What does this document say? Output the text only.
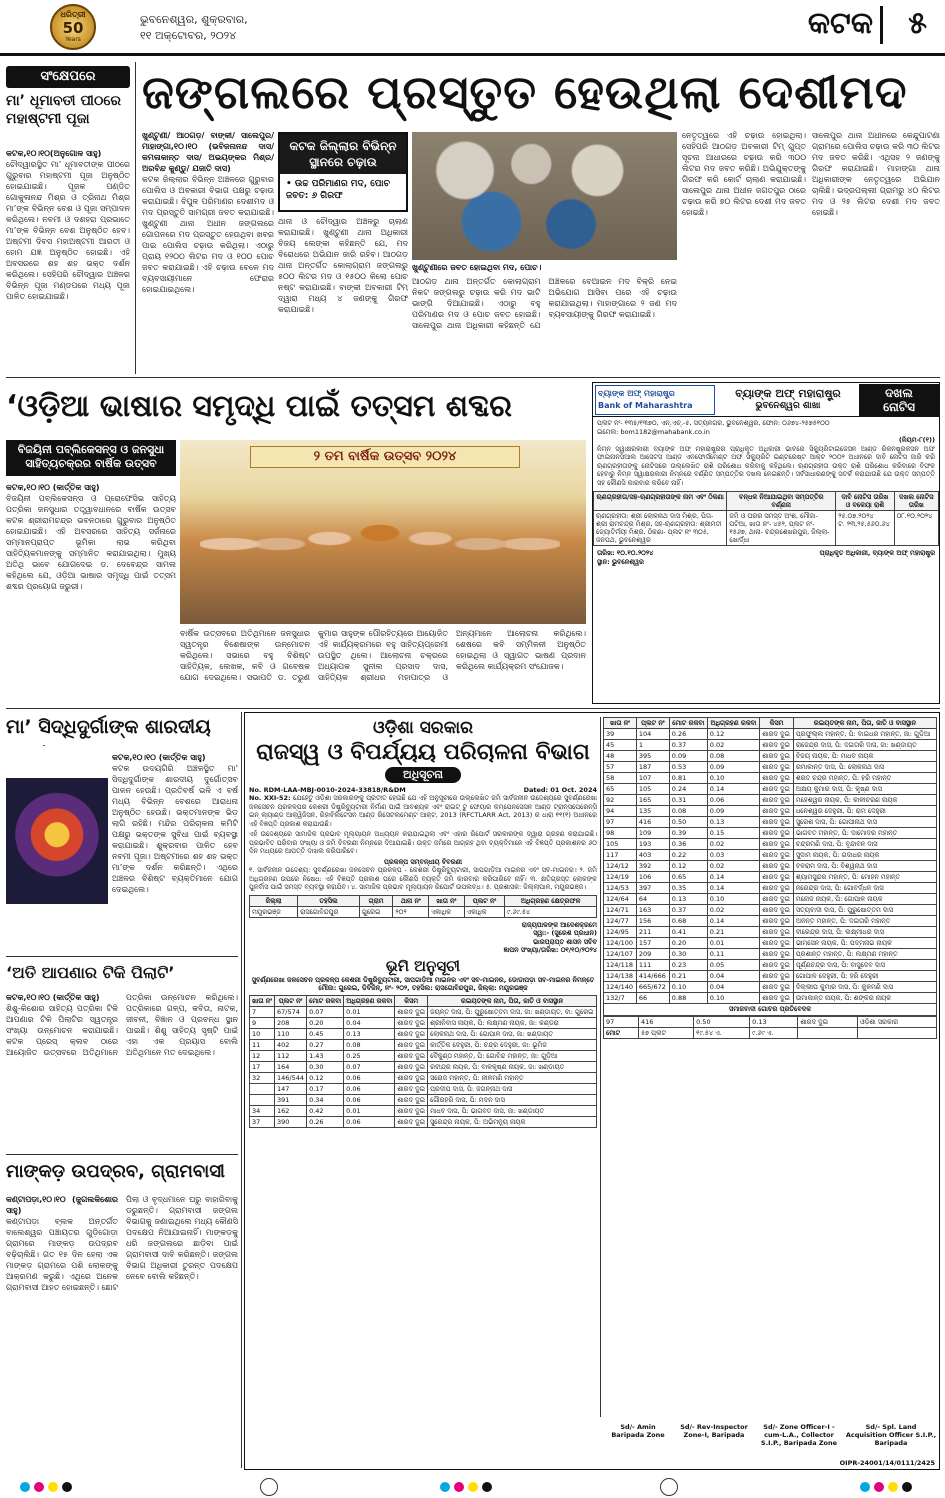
ଧରିତ୍ରୀ
50
Years
ଭୁବନେଶ୍ୱର, ଶୁକ୍ରବାର,
୧୧ ଅକ୍ଟୋବର, ୨୦୨୪	କଟକ ୫
ସଂକ୍ଷେପରେ
ମା’ ଧୂମାବତୀ ପୀଠରେ ମହାଷ୍ଟମୀ ପୂଜା
କଟକ,୧୦।୧୦(ଅନୁଗୋଳ ସାହୁ)
ଚୌଦ୍ୱାରସ୍ଥିତ ମା’ ଧୂମାବତୀଙ୍କ ପୀଠରେ ଗୁରୁବାର ମହାଷ୍ଟମୀ ପୂଜା ଅନୁଷ୍ଠିତ ହୋଇଯାଇଛି। ପୂଜକ ପଣ୍ଡିତ ଗୋକୁଳାନନ୍ଦ ମିଶ୍ର ଓ ତ୍ରିନାଥ ମିଶ୍ର ମା’ଙ୍କ ବିଭିନ୍ନ ବେଶ ଓ ପୂଜା ସମ୍ପାଦନ କରିଥିଲେ। ନବମୀ ଓ ଦଶହରା ପ୍ରଭାତେ ମା’ଙ୍କ ବିଭିନ୍ନ ବେଶ ଅନୁଷ୍ଠିତ ହେବ। ଅଷ୍ଟମୀ ଦିବସ ମହାଅଷ୍ଟମୀ ଆରତୀ ଓ ହୋମ ଯଜ୍ଞ ଅନୁଷ୍ଠିତ ହୋଇଛି। ଏହି ଅବସରରେ ଶହ ଶହ ଭକ୍ତ ଦର୍ଶନ କରିଥିଲେ। ସେହିପରି ଚୌଦ୍ୱାର ଅଞ୍ଚଳର ବିଭିନ୍ନ ପୂଜା ମଣ୍ଡପରେ ମଧ୍ୟ ପୂଜା ପାଳିତ ହୋଇଯାଇଛି।
ଜଙ୍ଗଲରେ ପ୍ରସ୍ତୁତ ହେଉଥିଲା ଦେଶୀମଦ
ଖୁଣ୍ଟୁଣୀ/ ଆଠଗଡ଼/ ବାଙ୍କୀ/ ସାଲେପୁର/ମାହାଙ୍ଗା,୧୦।୧୦ (ଭବିଜନାନନ୍ଦ ଦାସ/ କମଳାକାନ୍ତ ଦାସ/ ଅଭୟଙ୍କର ମିଶ୍ର/ ଅରବିନ୍ଦ କୁଣ୍ଡୁ/ ଯଜାତି ଦାସ)
କଟକ ଜିଲ୍ଲାର ବିଭିନ୍ନ ଅଞ୍ଚଳରେ ଗୁରୁବାର ପୋଲିସ ଓ ଅବକାରୀ ବିଭାଗ ପକ୍ଷରୁ ଚଢ଼ାଉ କରାଯାଇଛି। ବିପୁଳ ପରିମାଣର ଦେଶୀମଦ ଓ ମଦ ପ୍ରସ୍ତୁତି ସାମଗ୍ରୀ ଜବତ କରାଯାଇଛି। ଖୁଣ୍ଟୁଣୀ ଥାନା ଅଧୀନ ଜଙ୍ଗଲରେ ଗୋପନରେ ମଦ ପ୍ରସ୍ତୁତ ହେଉଥିବା ଖବର ପାଇ ପୋଲିସ ଚଢ଼ାଉ କରିଥିଲା। ଏଠାରୁ ପ୍ରାୟ ୧୨୦୦ ଲିଟର ମଦ ଓ ୧୦୦ ପୋଚ ଜବତ କରାଯାଇଛି। ଏହି ଚଢ଼ାଉ ବେଳେ ମଦ ବ୍ୟବସାୟୀମାନେ ଫେରାର ହୋଇଯାଇଥିଲେ।
କଟକ ଜିଲ୍ଲାର ବିଭିନ୍ନ ସ୍ଥାନରେ ଚଢ଼ାଉ
• ଉଚ୍ଚ ପରିମାଣର ମଦ, ପୋଚ ଜବତ: ୬ ଗିରଫ
ଥାନା ଓ ଚୌଦ୍ୱାର ଅଞ୍ଚଳରୁ ଚାଲାଣ କରାଯାଇଛି। ଖୁଣ୍ଟୁଣୀ ଥାନା ଅଧିକାରୀ ବିଜୟ ଲେଙ୍କା କହିଛନ୍ତି ଯେ, ମଦ ବିରୋଧରେ ଅଭିଯାନ ଜାରି ରହିବ। ଆଠଗଡ଼ ଥାନା ଅନ୍ତର୍ଗତ କୋଲାଗ୍ରାମ ଜଙ୍ଗଲରୁ ୫୦୦ ଲିଟର ମଦ ଓ ୧୫୦୦ କିଲୋ ପୋଚ ନଷ୍ଟ କରାଯାଇଛି। ବାଙ୍କୀ ଅବକାରୀ ଟିମ୍ ଦ୍ୱାରା ମଧ୍ୟ ୪ ଜଣଙ୍କୁ ଗିରଫ କରାଯାଇଛି।
ଖୁଣ୍ଟୁଣୀରେ ଜବତ ହୋଇଥିବା ମଦ, ପୋଚ।
ଆଠଗଡ଼ ଥାନା ଅନ୍ତର୍ଗତ କୋଲାଗ୍ରାମ ନିକଟ ଜଙ୍ଗଲରୁ ଚଢ଼ାଉ କରି ମଦ ଭାଟି ଭାଙ୍ଗି ଦିଆଯାଇଛି। ଏଠାରୁ ବହୁ ପରିମାଣର ମଦ ଓ ପୋଚ ଜବତ ହୋଇଛି। ସାଲେପୁର ଥାନା ଅଧିକାରୀ କହିଛନ୍ତି ଯେ ଅଞ୍ଚଳରେ ବେଆଇନ ମଦ ବିକ୍ରି ନେଇ ଅଭିଯୋଗ ଆସିବା ପରେ ଏହି ଚଢ଼ାଉ କରାଯାଇଥିଲା। ମାହାଙ୍ଗାରେ ୨ ଜଣ ମଦ ବ୍ୟବସାୟୀଙ୍କୁ ଗିରଫ କରାଯାଇଛି।
ନେତୃତ୍ୱରେ ଏହି ଚଢ଼ାଉ ହୋଇଥିଲା। ସେହିପରି ଆଠଗଡ଼ ଅବକାରୀ ଟିମ୍ ଗୁପ୍ତ ସୂଚନା ଆଧାରରେ ଚଢ଼ାଉ କରି ୩୦୦ ଲିଟର ମଦ ଜବତ କରିଛି। ଅଭିଯୁକ୍ତଙ୍କୁ ଗିରଫ କରି କୋର୍ଟ ଚାଲାଣ କରାଯାଇଛି। ସାଲେପୁର ଥାନା ଅଧୀନ ଜଗତପୁର ଠାରେ ଚଢ଼ାଉ କରି ୭୦ ଲିଟର ଦେଶୀ ମଦ ଜବତ ହୋଇଛି।
ସାଲେପୁର ଥାନା ଅଧୀନରେ କେନ୍ଦୁପାଟଣା ଗ୍ରାମରେ ପୋଲିସ ଚଢ଼ାଉ କରି ୩୦ ଲିଟର ମଦ ଜବତ କରିଛି। ଏଥିସହ ୨ ଜଣଙ୍କୁ ଗିରଫ କରାଯାଇଛି। ମାହାଙ୍ଗା ଥାନା ଅଧିକାରୀଙ୍କ ନେତୃତ୍ୱରେ ଅଭିଯାନ ଚାଲିଛି। ଭଦ୍ରପଲ୍ଲୀ ଗ୍ରାମରୁ ୪୦ ଲିଟର ମଦ ଓ ୨୫ ଲିଟର ଦେଶୀ ମଦ ଜବତ ହୋଇଛି।
‘ଓଡ଼ିଆ ଭାଷାର ସମୃଦ୍ଧି ପାଇଁ ତତ୍ସମ ଶବ୍ଦର
ବିଜୟିନୀ ପବ୍ଲିକେସନ୍ସ ଓ ଜନସୁଧା ସାହିତ୍ୟଚକ୍ରର ବାର୍ଷିକ ଉତ୍ସବ
କଟକ,୧୦।୧୦ (କାର୍ତ୍ତିକ ସାହୁ)
ବିଜୟିନୀ ପବ୍ଲିକେସନ୍ସ ଓ ପ୍ରୋଫେସିଭ ସାହିତ୍ୟ ପତ୍ରିକା ଜନସୁଧାର ତତ୍ତ୍ୱାବଧାନରେ ବାର୍ଷିକ ଉତ୍ସବ କଟକ ଶ୍ରୀରାମଚନ୍ଦ୍ର ଭବନଠାରେ ଗୁରୁବାର ଅନୁଷ୍ଠିତ ହୋଇଯାଇଛି। ଏହି ଅବସରରେ ସାହିତ୍ୟ ସର୍ଜନାରେ ସମ୍ମାନପ୍ରାପ୍ତ ଭୂମିକା ଲାଭ କରିଥିବା ସାହିତ୍ୟିକମାନଙ୍କୁ ସମ୍ମାନିତ କରାଯାଇଥିଲା। ମୁଖ୍ୟ ଅତିଥି ଭାବେ ଯୋଗଦେଇ ଡ. ଦେବେନ୍ଦ୍ର ସାମଲ କହିଥିଲେ ଯେ, ଓଡ଼ିଆ ଭାଷାର ସମୃଦ୍ଧି ପାଇଁ ତତ୍ସମ ଶବ୍ଦର ପ୍ରୟୋଗ ଜରୁରୀ।
୨ ତମ ବାର୍ଷିକ ଉତ୍ସବ ୨୦୨୪
ବାର୍ଷିକ ଉତ୍ସବରେ ଅତିଥିମାନେ ଜନସୁଧାର ସ୍ୱତନ୍ତ୍ର ବିଶେଷାଙ୍କ ଉନ୍ମୋଚନ କରିଥିଲେ। ସଭାରେ ବହୁ ବିଶିଷ୍ଟ ସାହିତ୍ୟିକ, ଲେଖକ, କବି ଓ ଗବେଷକ ଯୋଗ ଦେଇଥିଲେ। ସଭାପତି ଡ. ତରୁଣ କୁମାର ସାହୁଙ୍କ ପୌରହିତ୍ୟରେ ଆୟୋଜିତ ଏହି କାର୍ଯ୍ୟକ୍ରମରେ ବହୁ ସାହିତ୍ୟପ୍ରେମୀ ଉପସ୍ଥିତ ଥିଲେ। ଆଲୋଚନା ଚକ୍ରରେ ଅଧ୍ୟାପକ ସୁନୀଲ ପ୍ରସାଦ ଦାସ, ସାହିତ୍ୟିକ ଶ୍ରୀଧର ମହାପାତ୍ର ଓ ଅନ୍ୟମାନେ ଆଲୋଚନା କରିଥିଲେ। ଶେଷରେ କବି ସମ୍ମିଳନୀ ଅନୁଷ୍ଠିତ ହୋଇଥିଲା ଓ ସ୍ୱାଗତ ଭାଷଣ ପ୍ରଦାନ କରିଥିଲେ କାର୍ଯ୍ୟକ୍ରମ ସଂଯୋଜକ।
ବ୍ୟାଙ୍କ ଅଫ୍ ମହାରାଷ୍ଟ୍ର
Bank of Maharashtra
ବ୍ୟାଙ୍କ ଅଫ୍ ମହାରାଷ୍ଟ୍ର
ଭୁବନେଶ୍ୱର ଶାଖା
ଦଖଲ
ନୋଟିସ
ପ୍ଲଟ ନଂ- ୧୩୫/୧୩୭୦, ଏନ୍.ଏଚ୍.-୫, ସତ୍ୟନଗର, ଭୁବନେଶ୍ୱର, ଫୋନ: ୦୬୭୪-୨୫୭୫୧୦୦
ଇମେଲ: bom1182@mahabank.co.in
(ନିୟମ-୮(୧))
ନିମ୍ନ ସ୍ୱାକ୍ଷରକାରୀ ବ୍ୟାଙ୍କ ଅଫ୍ ମହାରାଷ୍ଟ୍ରର ପ୍ରାଧିକୃତ ଅଧିକାରୀ ଭାବରେ ସିକ୍ୟୁରିଟାଇଜେସନ ଆଣ୍ଡ ରିକନଷ୍ଟ୍ରକସନ ଅଫ ଫାଇନାନସିଆଲ ଆସେଟସ ଆଣ୍ଡ ଏନଫୋର୍ସମେଣ୍ଟ ଅଫ ସିକ୍ୟୁରିଟି ଇଣ୍ଟରେଷ୍ଟ ଆକ୍ଟ ୨୦୦୨ ଅଧୀନରେ ଦାବି ନୋଟିସ ଜାରି କରି ଋଣଗ୍ରହୀତାଙ୍କୁ ନୋଟିସରେ ଉଲ୍ଲେଖିତ ରାଶି ପରିଶୋଧ କରିବାକୁ କହିଥିଲେ। ଋଣଗ୍ରହୀତା ଉକ୍ତ ରାଶି ପରିଶୋଧ କରିବାରେ ବିଫଳ ହେବାରୁ ନିମ୍ନ ସ୍ୱାକ୍ଷରକାରୀ ନିମ୍ନରେ ବର୍ଣ୍ଣିତ ସମ୍ପତ୍ତିର ଦଖଲ ନେଇଛନ୍ତି। ସର୍ବସାଧାରଣଙ୍କୁ ସତର୍କ କରାଯାଉଛି ଯେ ଉକ୍ତ ସମ୍ପତ୍ତି ସହ କୌଣସି କାରବାର କରିବେ ନାହିଁ।
ଋଣଗ୍ରହୀତା/ସହ-ଋଣଗ୍ରହୀତାଙ୍କ ନାମ ଏବଂ ଠିକଣା	ବନ୍ଧକ ନିଆଯାଇଥିବା ସମ୍ପତ୍ତିର ବର୍ଣ୍ଣନା	ଦାବି ନୋଟିସ ତାରିଖ ଓ ବକେୟା ରାଶି	ଦଖଲ ନୋଟିସ ତାରିଖ
ଋଣଗ୍ରହୀତା: ଶ୍ରୀ ଲୋକନାଥ ଦାସ ମିଶ୍ର, ପିତା- ଶ୍ରୀ ରାମଚନ୍ଦ୍ର ମିଶ୍ର, ସହ-ଋଣଗ୍ରହୀତା: ଶ୍ରୀମତୀ ଜ୍ୟୋତିର୍ମୟୀ ମିଶ୍ର, ଠିକଣା- ପ୍ଲଟ ନଂ ୩୦୫, ଜନପଥ, ଭୁବନେଶ୍ୱର	ଜମି ଓ ଘରର ସମସ୍ତ ଅଂଶ, ମୌଜା- ପଟିଆ, ଖାତା ନଂ- ୪୫୨, ପ୍ଲଟ ନଂ- ୧୫୬୭, ଥାନା- ଚନ୍ଦ୍ରଶେଖରପୁର, ଜିଲ୍ଲା- ଖୋର୍ଦ୍ଧା	୨୫.୦୭.୨୦୨୪
ଟ. ୨୩,୨୫,୫୬୦.୬୪	୦୮.୧୦.୨୦୨୪
ତାରିଖ: ୧୦.୧୦.୨୦୨୪
ସ୍ଥାନ: ଭୁବନେଶ୍ୱର
ପ୍ରାଧିକୃତ ଅଧିକାରୀ, ବ୍ୟାଙ୍କ ଅଫ୍ ମହାରାଷ୍ଟ୍ର
ମା’ ସିଦ୍ଧିଦୁର୍ଗାଙ୍କ ଶାରଦୀୟ
କଟକ,୧୦।୧୦ (କାର୍ତ୍ତିକ ସାହୁ)
କଟକ ଉଦୟଗିରି ଅଞ୍ଚଳସ୍ଥିତ ମା’ ସିଦ୍ଧିଦୁର୍ଗାଙ୍କ ଶାରଦୀୟ ଦୁର୍ଗୋତ୍ସବ ପାଳନ ହେଉଛି। ପ୍ରତିବର୍ଷ ଭଳି ଏ ବର୍ଷ ମଧ୍ୟ ବିଭିନ୍ନ ବେଶରେ ଆରାଧନା ଅନୁଷ୍ଠିତ ହେଉଛି। ଭକ୍ତମାନଙ୍କ ଭିଡ଼ ଲାଗି ରହିଛି। ମନ୍ଦିର ପରିଚାଳନା କମିଟି ପକ୍ଷରୁ ଭକ୍ତଙ୍କ ସୁବିଧା ପାଇଁ ବ୍ୟବସ୍ଥା କରାଯାଇଛି। ଶୁକ୍ରବାର ପାଳିତ ହେବ ନବମୀ ପୂଜା। ଅଷ୍ଟମୀରେ ଶହ ଶହ ଭକ୍ତ ମା’ଙ୍କ ଦର୍ଶନ କରିଛନ୍ତି। ଏଥିରେ ଅଞ୍ଚଳର ବିଶିଷ୍ଟ ବ୍ୟକ୍ତିମାନେ ଯୋଗ ଦେଇଥିଲେ।
‘ଅତି ଆପଣାର ଟିକି ପିଲାଟି’
କଟକ,୧୦।୧୦ (କାର୍ତ୍ତିକ ସାହୁ)
ଶିଶୁ-କିଶୋର ସାହିତ୍ୟ ପତ୍ରିକା ଟିକି ଆପଣାର ଟିକି ପିଲାଟିର ସ୍ୱତନ୍ତ୍ର ସଂଖ୍ୟା ଉନ୍ମୋଚନ କରାଯାଇଛି। କଟକ ପ୍ରେସ୍ କ୍ଲବ ଠାରେ ଆୟୋଜିତ ଉତ୍ସବରେ ଅତିଥିମାନେ ପତ୍ରିକା ଉନ୍ମୋଚନ କରିଥିଲେ। ପତ୍ରିକାରେ ଗଳ୍ପ, କବିତା, ନାଟକ, ଜୀବନୀ, ବିଜ୍ଞାନ ଓ ପ୍ରବନ୍ଧ ସ୍ଥାନ ପାଇଛି। ଶିଶୁ ସାହିତ୍ୟ ସୃଷ୍ଟି ପାଇଁ ଏହା ଏକ ପ୍ରୟାସ ବୋଲି ଅତିଥିମାନେ ମତ ଦେଇଥିଲେ।
ମାଙ୍କଡ଼ ଉପଦ୍ରବ, ଗ୍ରାମବାସୀ
କଣ୍ଟାପଡ଼ା,୧୦।୧୦ (ଜୁଗଲକିଶୋର ସାହୁ)
କଣ୍ଟାପଡ଼ା ବ୍ଲକ ଅନ୍ତର୍ଗତ ବାଲେଶ୍ୱର ପଞ୍ଚାୟତର ଗୁଡ଼ିଗୋଡ଼ା ଗ୍ରାମରେ ମାଙ୍କଡ଼ ଉପଦ୍ରବ ବଢ଼ିଚାଲିଛି। ଗତ ୧୫ ଦିନ ହେଲା ଏକ ମାଙ୍କଡ଼ ଗ୍ରାମରେ ପଶି ଲୋକଙ୍କୁ ଆକ୍ରମଣ କରୁଛି। ଏଥିରେ ଅନେକ ଗ୍ରାମବାସୀ ଆହତ ହୋଇଛନ୍ତି। ଛୋଟ ପିଲା ଓ ବୃଦ୍ଧମାନେ ଘରୁ ବାହାରିବାକୁ ଡରୁଛନ୍ତି। ଗ୍ରାମବାସୀ ଜଙ୍ଗଲ ବିଭାଗକୁ ଜଣାଇଥିଲେ ମଧ୍ୟ କୌଣସି ପଦକ୍ଷେପ ନିଆଯାଇନାହିଁ। ମାଙ୍କଡ଼କୁ ଧରି ଜଙ୍ଗଲରେ ଛାଡ଼ିବା ପାଇଁ ଗ୍ରାମବାସୀ ଦାବି କରିଛନ୍ତି। ଜଙ୍ଗଲ ବିଭାଗ ଅଧିକାରୀ ତୁରନ୍ତ ପଦକ୍ଷେପ ନେବେ ବୋଲି କହିଛନ୍ତି।
ଓଡ଼ିଶା ସରକାର
ରାଜସ୍ୱ ଓ ବିପର୍ଯ୍ୟୟ ପରିଚାଳନା ବିଭାଗ
ଅଧିସୂଚନା
No. RDM-LAA-MBJ-0010-2024-33818/R&DM	Dated: 01 Oct. 2024
No. XXI-52: ଯେହେତୁ ଓଡ଼ିଶା ସରକାରଙ୍କୁ ପ୍ରତୀତ ହେଉଛି ଯେ ଏହି ଅନୁସୂଚୀରେ ଉଲ୍ଲେଖିତ ଜମି ସାର୍ବଜନୀନ ଉଦ୍ଦେଶ୍ୟରେ ସୁବର୍ଣ୍ଣରେଖା ଜଳସେଚନ ପ୍ରକଳ୍ପର କେଶରୀ ଡିଷ୍ଟ୍ରିବ୍ୟୁଟାରୀ ନିର୍ମାଣ ପାଇଁ ଆବଶ୍ୟକ ଏବଂ ରାଇଟ୍ ଟୁ ଫେୟାର କମ୍ପେନସେସନ ଆଣ୍ଡ ଟ୍ରାନ୍ସପେରେନ୍ସି ଇନ୍ ଲ୍ୟାଣ୍ଡ ଆକ୍ୱିଜିସନ, ରିହାବିଲିଟେସନ ଆଣ୍ଡ ରିସେଟଲମେଣ୍ଟ ଆକ୍ଟ, 2013 (RFCTLARR Act, 2013) ର ଧାରା ୧୧(୧) ଅଧୀନରେ ଏହି ବିଜ୍ଞପ୍ତି ପ୍ରକାଶ କରାଯାଉଛି।
ଏହି ଉଦ୍ଦେଶ୍ୟରେ ସାମାଜିକ ପ୍ରଭାବ ମୂଲ୍ୟାୟନ ଅଧ୍ୟୟନ କରାଯାଇଥିଲା ଏବଂ ଏହାର ରିପୋର୍ଟ ସରକାରଙ୍କ ଦ୍ୱାରା ଗ୍ରହଣ କରାଯାଇଛି। ପ୍ରଭାବିତ ପରିବାର ସଂଖ୍ୟା ଓ ଜମି ବିବରଣୀ ନିମ୍ନରେ ଦିଆଯାଇଛି। ଉକ୍ତ ଜମିରେ ଆଗ୍ରହ ଥିବା ବ୍ୟକ୍ତିମାନେ ଏହି ବିଜ୍ଞପ୍ତି ପ୍ରକାଶନର ୬୦ ଦିନ ମଧ୍ୟରେ ଆପତ୍ତି ଦାଖଲ କରିପାରିବେ।
ପ୍ରକଳ୍ପ ସମ୍ବନ୍ଧୀୟ ବିବରଣୀ
୧. ସାର୍ବଜନୀନ ଉଦ୍ଦେଶ୍ୟ: ସୁବର୍ଣ୍ଣରେଖା ଜଳସେଚନ ପ୍ରକଳ୍ପ - କେଶରୀ ଡିଷ୍ଟ୍ରିବ୍ୟୁଟାରୀ, ସାପଗାଡ଼ିଆ ମାଇନର ଏବଂ ସବ-ମାଇନର। ୨. ଜମି ଅଧିଗ୍ରହଣ ଉପରେ ନିଷେଧ: ଏହି ବିଜ୍ଞପ୍ତି ପ୍ରକାଶ ପରେ କୌଣସି ବ୍ୟକ୍ତି ଜମି କାରବାର କରିପାରିବେ ନାହିଁ। ୩. କ୍ଷତିଗ୍ରସ୍ତ ଲୋକଙ୍କ ପୁନର୍ବାସ ପାଇଁ ସମସ୍ତ ବ୍ୟବସ୍ଥା କରାଯିବ। ୪. ସାମାଜିକ ପ୍ରଭାବ ମୂଲ୍ୟାୟନ ରିପୋର୍ଟ ଉପଲବ୍ଧ। ୫. ପ୍ରଶାସକ: ଜିଲ୍ଲାପାଳ, ମୟୂରଭଞ୍ଜ।
ଜିଲ୍ଲା	ତହସିଲ	ଗ୍ରାମ	ଥାନା ନଂ	ଖାତା ନଂ	ପ୍ଲଟ ନଂ	ଅଧିଗ୍ରହଣ କ୍ଷେତ୍ରଫଳ
ମୟୂରଭଞ୍ଜ	ରାସଗୋବିନ୍ଦପୁର	ଗୁରେଇ	୨୦୨	ଏକାଧିକ	ଏକାଧିକ	୯.୬୯.୫୪
ରାଜ୍ୟପାଳଙ୍କ ଆଦେଶକ୍ରମେ
ସ୍ୱା:- (ସୁରେଶ ପ୍ରଧାନ)
ଭାରପ୍ରାପ୍ତ ଶାସନ ସଚିବ
ଜ୍ଞାପନ ସଂଖ୍ୟା/ତାରିଖ: ୦୧/୧୦/୨୦୨୪
ଭୂମି ଅନୁସୂଚୀ
ସୁବର୍ଣ୍ଣରେଖା ଜଳସେଚନ ପ୍ରକଳ୍ପ କେଶରୀ ଡିଷ୍ଟ୍ରିବ୍ୟୁଟାରୀ, ସାପଗାଡ଼ିଆ ମାଇନର ଏବଂ ସବ-ମାଇନର, ଡୋଡାପଡ଼ା ସବ-ମାଇନର ନିମନ୍ତେ
ମୌଜା: ଗୁରେଇ, ଡିବିଜିନ୍, ନଂ- ୨୦୨, ତହସିଲ: ରାସଗୋବିନ୍ଦପୁର, ଜିଲ୍ଲା: ମୟୂରଭଞ୍ଜ
ଖାତା ନଂ	ପ୍ଲଟ ନଂ	ମୋଟ ରକବା	ଅଧିଗ୍ରହଣ ରକବା	କିସମ	ରଇୟତଙ୍କ ନାମ, ପିତା, ଜାତି ଓ ବାସସ୍ଥାନ
7	67/574	0.07	0.01	ଶାରଦ ଦୁଇ	ଜୟନ୍ତ ଦାସ, ପି: ପୁରୁଷୋତ୍ତମ ଦାସ, ଜା: ଖଣ୍ଡାୟତ, ବା: ଗୁରେଇ
9	208	0.20	0.04	ଶାରଦ ଦୁଇ	ଶ୍ରୀନିବାସ ନାୟକ, ପି: ଲକ୍ଷ୍ମଣ ନାୟକ, ଜା: କଣ୍ଡରା
10	110	0.45	0.13	ଶାରଦ ଦୁଇ	ଲୋକନାଥ ଦାସ, ପି: ଗୋପାଳ ଦାସ, ଜା: ଖଣ୍ଡାୟତ
11	402	0.27	0.08	ଶାରଦ ଦୁଇ	କାର୍ତ୍ତିକ ଦେହୁରୀ, ପି: ଚନ୍ଦ୍ର ଦେହୁରୀ, ଜା: ଭୂମିଜ
12	112	1.43	0.25	ଶାରଦ ଦୁଇ	ବୈକୁଣ୍ଠ ମହାନ୍ତ, ପି: ଗୋବିନ୍ଦ ମହାନ୍ତ, ଜା: ଗୁଡ଼ିଆ
17	164	0.30	0.07	ଶାରଦ ଦୁଇ	ରବୀନ୍ଦ୍ର ନାୟକ, ପି: ବାଳକୃଷ୍ଣ ନାୟକ, ଜା: ଖଣ୍ଡାୟତ
32	146/544	0.12	0.06	ଶାରଦ ଦୁଇ	ସରୋଜ ମହାନ୍ତ, ପି: ନୀଳମଣି ମହାନ୍ତ
	147	0.17	0.06	ଶାରଦ ଦୁଇ	ପ୍ରଦୀପ ଦାସ, ପି: ଜଗନ୍ନାଥ ଦାସ
	391	0.34	0.06	ଶାରଦ ଦୁଇ	ଗୌରହରି ଦାସ, ପି: ମଦନ ଦାସ
34	162	0.42	0.01	ଶାରଦ ଦୁଇ	ମାଧବ ଦାସ, ପି: ଭାଗବତ ଦାସ, ଜା: ଖଣ୍ଡାୟତ
37	390	0.26	0.06	ଶାରଦ ଦୁଇ	ସୁରେନ୍ଦ୍ର ନାୟକ, ପି: ଅଭିମନ୍ୟୁ ନାୟକ
ଖାତା ନଂ	ପ୍ଲଟ ନଂ	ମୋଟ ରକବା	ଅଧିଗ୍ରହଣ ରକବା	କିସମ	ରଇୟତଙ୍କ ନାମ, ପିତା, ଜାତି ଓ ବାସସ୍ଥାନ
39	104	0.26	0.12	ଶାରଦ ଦୁଇ	ପ୍ରଫୁଲ୍ଲ ମହାନ୍ତ, ପି: ବାଇଧର ମହାନ୍ତ, ଜା: ଗୁଡ଼ିଆ
45	1	0.37	0.02	ଶାରଦ ଦୁଇ	ରାଜେନ୍ଦ୍ର ଦାସ, ପି: ଦଇତାରି ଦାସ, ଜା: ଖଣ୍ଡାୟତ
48	395	0.09	0.08	ଶାରଦ ଦୁଇ	ବିଜୟ ନାୟକ, ପି: ମାଧବ ନାୟକ
57	187	0.53	0.09	ଶାରଦ ଦୁଇ	ରମାକାନ୍ତ ଦାସ, ପି: ଲୋକନାଥ ଦାସ
58	107	0.81	0.10	ଶାରଦ ଦୁଇ	ଶରତ ଚନ୍ଦ୍ର ମହାନ୍ତ, ପି: ହରି ମହାନ୍ତ
65	105	0.24	0.14	ଶାରଦ ଦୁଇ	ଅକ୍ଷୟ କୁମାର ଦାସ, ପି: କୃଷ୍ଣ ଦାସ
92	165	0.31	0.06	ଶାରଦ ଦୁଇ	ମହେଶ୍ୱର ନାୟକ, ପି: କାଳୀଚରଣ ନାୟକ
94	135	0.08	0.09	ଶାରଦ ଦୁଇ	ଧନେଶ୍ୱର ଦେହୁରୀ, ପି: ରାମ ଦେହୁରୀ
97	416	0.50	0.13	ଶାରଦ ଦୁଇ	ସୁରେଶ ଦାସ, ପି: ଗୋପୀନାଥ ଦାସ
98	109	0.39	0.15	ଶାରଦ ଦୁଇ	ଭାଗବତ ମହାନ୍ତ, ପି: ଦାମୋଦର ମହାନ୍ତ
105	193	0.36	0.02	ଶାରଦ ଦୁଇ	ଚନ୍ଦ୍ରମଣି ଦାସ, ପି: ବୃନ୍ଦାବନ ଦାସ
117	403	0.22	0.03	ଶାରଦ ଦୁଇ	ସୁଦାମ ନାୟକ, ପି: ଗଦାଧର ନାୟକ
124/12	392	0.12	0.02	ଶାରଦ ଦୁଇ	ବଳରାମ ଦାସ, ପି: ବିଶ୍ୱନାଥ ଦାସ
124/19	106	0.65	0.14	ଶାରଦ ଦୁଇ	ଶ୍ୟାମସୁନ୍ଦର ମହାନ୍ତ, ପି: ମୋହନ ମହାନ୍ତ
124/53	397	0.35	0.14	ଶାରଦ ଦୁଇ	ନରେନ୍ଦ୍ର ଦାସ, ପି: ଗୋବର୍ଦ୍ଧନ ଦାସ
124/64	64	0.13	0.10	ଶାରଦ ଦୁଇ	ମନୋଜ ନାୟକ, ପି: ଗୋପାଳ ନାୟକ
124/71	163	0.37	0.02	ଶାରଦ ଦୁଇ	ସତ୍ୟବାଦୀ ଦାସ, ପି: ପୁରୁଷୋତ୍ତମ ଦାସ
124/77	156	0.68	0.14	ଶାରଦ ଦୁଇ	ଅନନ୍ତ ମହାନ୍ତ, ପି: ଦଇତାରି ମହାନ୍ତ
124/95	211	0.41	0.21	ଶାରଦ ଦୁଇ	ବୀରେନ୍ଦ୍ର ଦାସ, ପି: ଲକ୍ଷ୍ମୀଧର ଦାସ
124/100	157	0.20	0.01	ଶାରଦ ଦୁଇ	ଭୀମସେନ ନାୟକ, ପି: ପଦ୍ମନାଭ ନାୟକ
124/107	209	0.30	0.11	ଶାରଦ ଦୁଇ	ପ୍ରଶାନ୍ତ ମହାନ୍ତ, ପି: ଲକ୍ଷ୍ମଣ ମହାନ୍ତ
124/118	111	0.23	0.05	ଶାରଦ ଦୁଇ	ପୂର୍ଣ୍ଣଚନ୍ଦ୍ର ଦାସ, ପି: ବାସୁଦେବ ଦାସ
124/138	414/666	0.21	0.04	ଶାରଦ ଦୁଇ	ଗୋପାଳ ଦେହୁରୀ, ପି: ହରି ଦେହୁରୀ
124/140	665/672	0.10	0.04	ଶାରଦ ଦୁଇ	ଦିଲ୍ଲୀପ କୁମାର ଦାସ, ପି: କୁଳମଣି ଦାସ
132/7	66	0.88	0.10	ଶାରଦ ଦୁଇ	ଉମାକାନ୍ତ ନାୟକ, ପି: ଶଙ୍କର ନାୟକ
ସମାଜବାଦୀ ଗୋଚର ପ୍ରତିବେଦକ
97	416	0.50	0.13	ଶାରଦ ଦୁଇ	ଓଡ଼ିଶା ସରକାର
ମୋଟ	୫୭ ପ୍ଲଟ	୧୯.୫୪ ଏ.	୯.୬୯ ଏ.		
Sd/- Amin Baripada Zone
Sd/- Rev-Inspector Zone-I, Baripada
Sd/- Zone Officer-I -cum-L.A., Collector S.I.P., Baripada Zone
Sd/- Spl. Land Acquisition Officer S.I.P., Baripada
OIPR-24001/14/0111/2425
